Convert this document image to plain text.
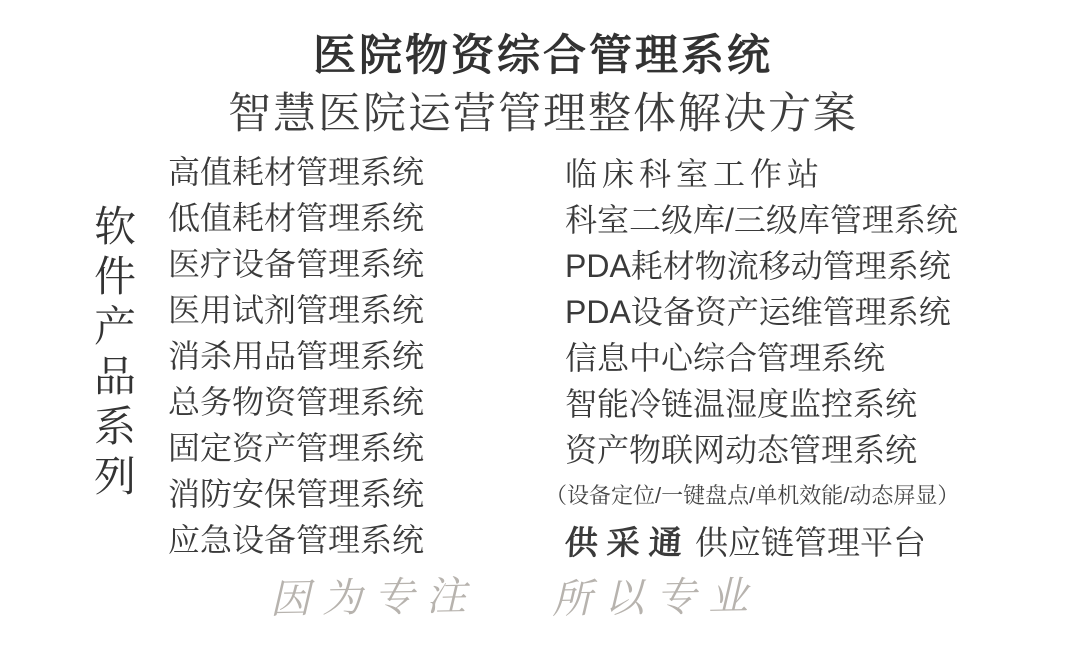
医院物资综合管理系统
智慧医院运营管理整体解决方案
软件产品系列
高值耗材管理系统
低值耗材管理系统
医疗设备管理系统
医用试剂管理系统
消杀用品管理系统
总务物资管理系统
固定资产管理系统
消防安保管理系统
应急设备管理系统
临床科室工作站
科室二级库/三级库管理系统
PDA耗材物流移动管理系统
PDA设备资产运维管理系统
信息中心综合管理系统
智能冷链温湿度监控系统
资产物联网动态管理系统
（设备定位/一键盘点/单机效能/动态屏显）
供采通 供应链管理平台
因为专注 所以专业
